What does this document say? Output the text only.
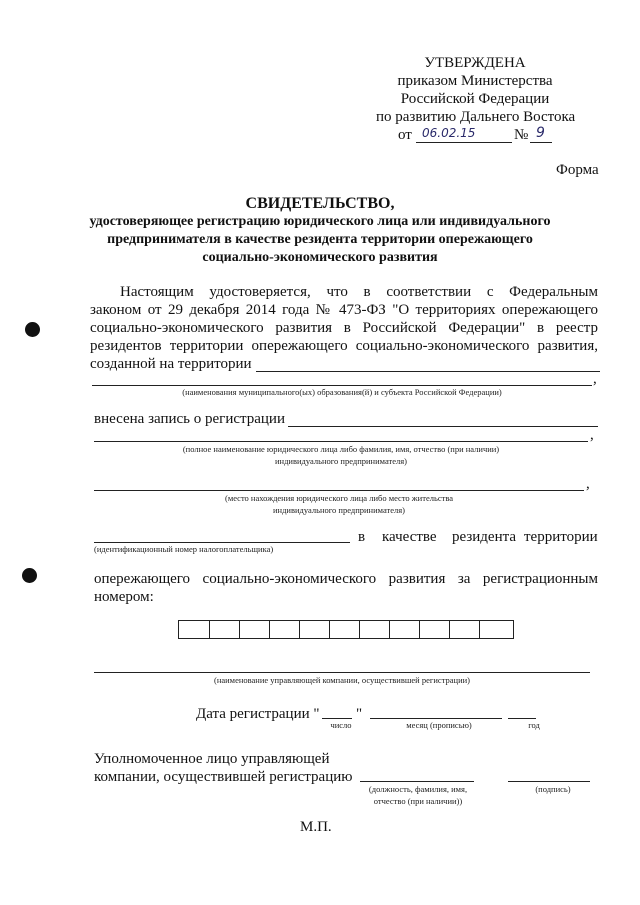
УТВЕРЖДЕНА
приказом Министерства
Российской Федерации
по развитию Дальнего Востока
от 06.02.15	№ 9
Форма
СВИДЕТЕЛЬСТВО,
удостоверяющее регистрацию юридического лица или индивидуального
предпринимателя в качестве резидента территории опережающего
социально-экономического развития
Настоящим удостоверяется, что в соответствии с Федеральным
законом от 29 декабря 2014 года № 473-ФЗ "О территориях опережающего
социально-экономического развития в Российской Федерации" в реестр
резидентов территории опережающего социально-экономического развития,
созданной на территории
,
(наименования муниципального(ых) образования(й) и субъекта Российской Федерации)
внесена запись о регистрации
,
(полное наименование юридического лица либо фамилия, имя, отчество (при наличии)
индивидуального предпринимателя)
,
(место нахождения юридического лица либо место жительства
индивидуального предпринимателя)
(идентификационный номер налогоплательщика)
в качестве резидента территории
опережающего социально-экономического развития за регистрационным
номером:
(наименование управляющей компании, осуществившей регистрации)
Дата регистрации " "
число	месяц (прописью)	год
Уполномоченное лицо управляющей
компании, осуществившей регистрацию
(должность, фамилия, имя,
отчество (при наличии))
(подпись)
М.П.
